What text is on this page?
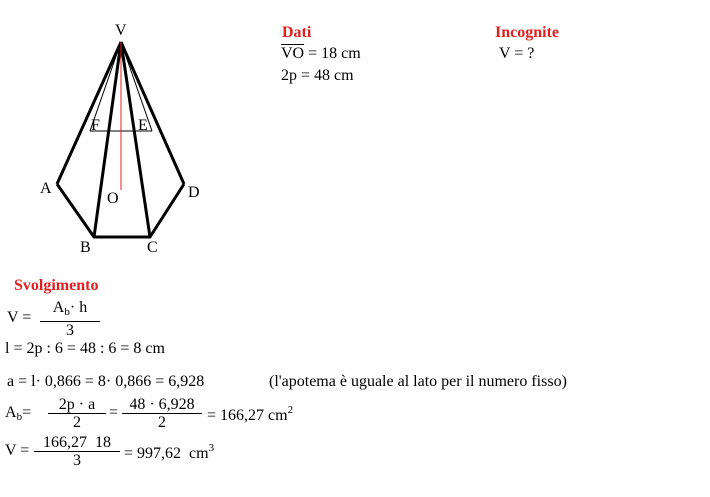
V
F E
A
O	D
B	C
Dati
$\overline{VO} = 18$ cm
2p = 48 cm
Incognite
V = ?
Svolgimento
$V = \frac{A_b\cdot h}{3}$
l = 2p : 6 = 48 : 6 = 8 cm
a = l· 0,866 = 8· 0,866 = 6,928	(l'apotema è uguale al lato per il numero fisso)
$A_b= \frac{2p \cdot a}{2} = \frac{48 \cdot 6,928}{2} = 166,27$ $cm^2$
$V = \frac{166,27 18}{3} = 997,62$  $cm^3$
